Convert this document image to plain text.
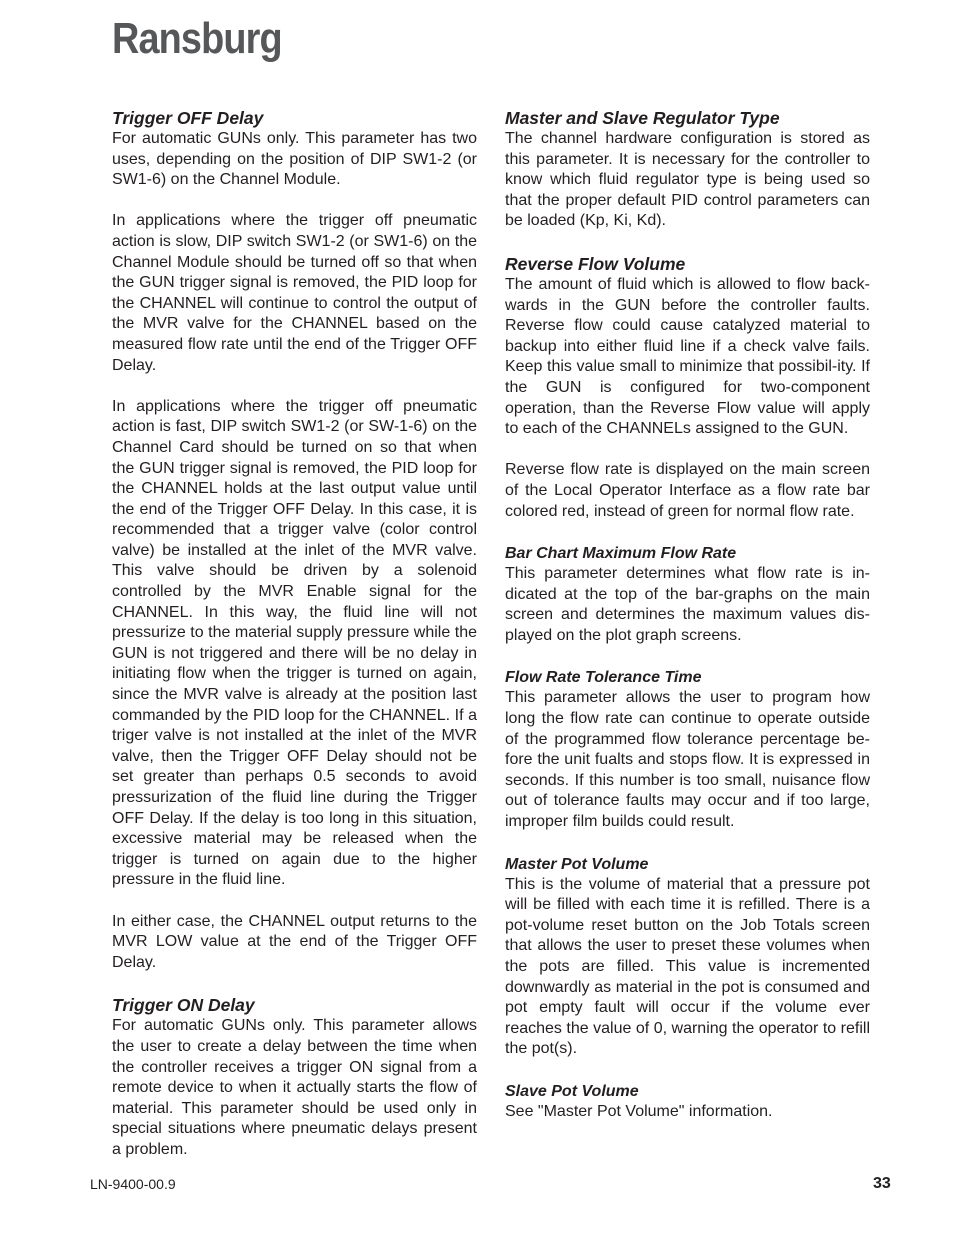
Ransburg
Trigger OFF Delay

For automatic GUNs only. This parameter has two uses, depending on the position of DIP SW1-2 (or SW1-6) on the Channel Module.

In applications where the trigger off pneumatic action is slow, DIP switch SW1-2 (or SW1-6) on the Channel Module should be turned off so that when the GUN trigger signal is removed, the PID loop for the CHANNEL will continue to control the output of the MVR valve for the CHANNEL based on the measured flow rate until the end of the Trigger OFF Delay.

In applications where the trigger off pneumatic action is fast, DIP switch SW1-2 (or SW-1-6) on the Channel Card should be turned on so that when the GUN trigger signal is removed, the PID loop for the CHANNEL holds at the last output value until the end of the Trigger OFF Delay. In this case, it is recommended that a trigger valve (color control valve) be installed at the inlet of the MVR valve. This valve should be driven by a solenoid controlled by the MVR Enable signal for the CHANNEL. In this way, the fluid line will not pressurize to the material supply pressure while the GUN is not triggered and there will be no delay in initiating flow when the trigger is turned on again, since the MVR valve is already at the position last commanded by the PID loop for the CHANNEL. If a triger valve is not installed at the inlet of the MVR valve, then the Trigger OFF Delay should not be set greater than perhaps 0.5 seconds to avoid pressurization of the fluid line during the Trigger OFF Delay. If the delay is too long in this situation, excessive material may be released when the trigger is turned on again due to the higher pressure in the fluid line.

In either case, the CHANNEL output returns to the MVR LOW value at the end of the Trigger OFF Delay.

Trigger ON Delay

For automatic GUNs only. This parameter allows the user to create a delay between the time when the controller receives a trigger ON signal from a remote device to when it actually starts the flow of material. This parameter should be used only in special situations where pneumatic delays present a problem.

Master and Slave Regulator Type

The channel hardware configuration is stored as this parameter. It is necessary for the controller to know which fluid regulator type is being used so that the proper default PID control parameters can be loaded (Kp, Ki, Kd).

Reverse Flow Volume

The amount of fluid which is allowed to flow back-wards in the GUN before the controller faults. Reverse flow could cause catalyzed material to backup into either fluid line if a check valve fails. Keep this value small to minimize that possibil-ity. If the GUN is configured for two-component operation, than the Reverse Flow value will apply to each of the CHANNELs assigned to the GUN.

Reverse flow rate is displayed on the main screen of the Local Operator Interface as a flow rate bar colored red, instead of green for normal flow rate.

Bar Chart Maximum Flow Rate

This parameter determines what flow rate is in-dicated at the top of the bar-graphs on the main screen and determines the maximum values dis-played on the plot graph screens.

Flow Rate Tolerance Time

This parameter allows the user to program how long the flow rate can continue to operate outside of the programmed flow tolerance percentage be-fore the unit fualts and stops flow. It is expressed in seconds. If this number is too small, nuisance flow out of tolerance faults may occur and if too large, improper film builds could result.

Master Pot Volume

This is the volume of material that a pressure pot will be filled with each time it is refilled. There is a pot-volume reset button on the Job Totals screen that allows the user to preset these volumes when the pots are filled. This value is incremented downwardly as material in the pot is consumed and pot empty fault will occur if the volume ever reaches the value of 0, warning the operator to refill the pot(s).

Slave Pot Volume

See "Master Pot Volume" information.

LN-9400-00.9	33
